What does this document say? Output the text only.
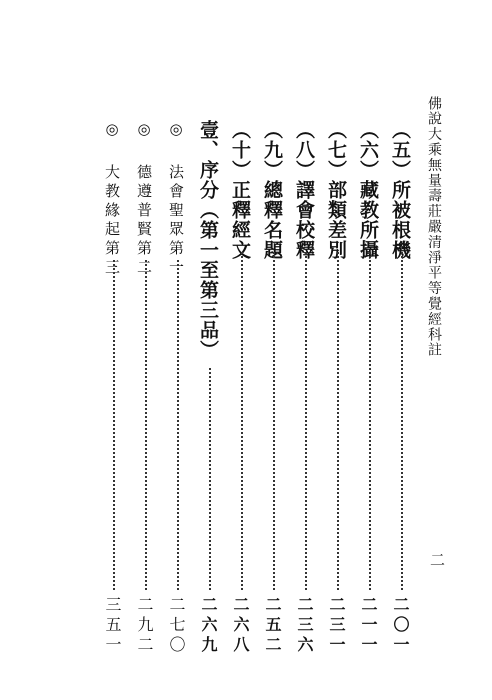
佛說大乘無量壽莊嚴清淨平等覺經科註
二
（五）所被根機
二〇一
（六）藏教所攝
二一一
（七）部類差別
二三一
（八）譯會校釋
二三六
（九）總釋名題
二五二
（十）正釋經文
二六八
壹、序分（第一至第三品）
二六九
◎ 法會聖眾第一
二七〇
◎ 德遵普賢第二
二九二
◎ 大教緣起第三
三五一
